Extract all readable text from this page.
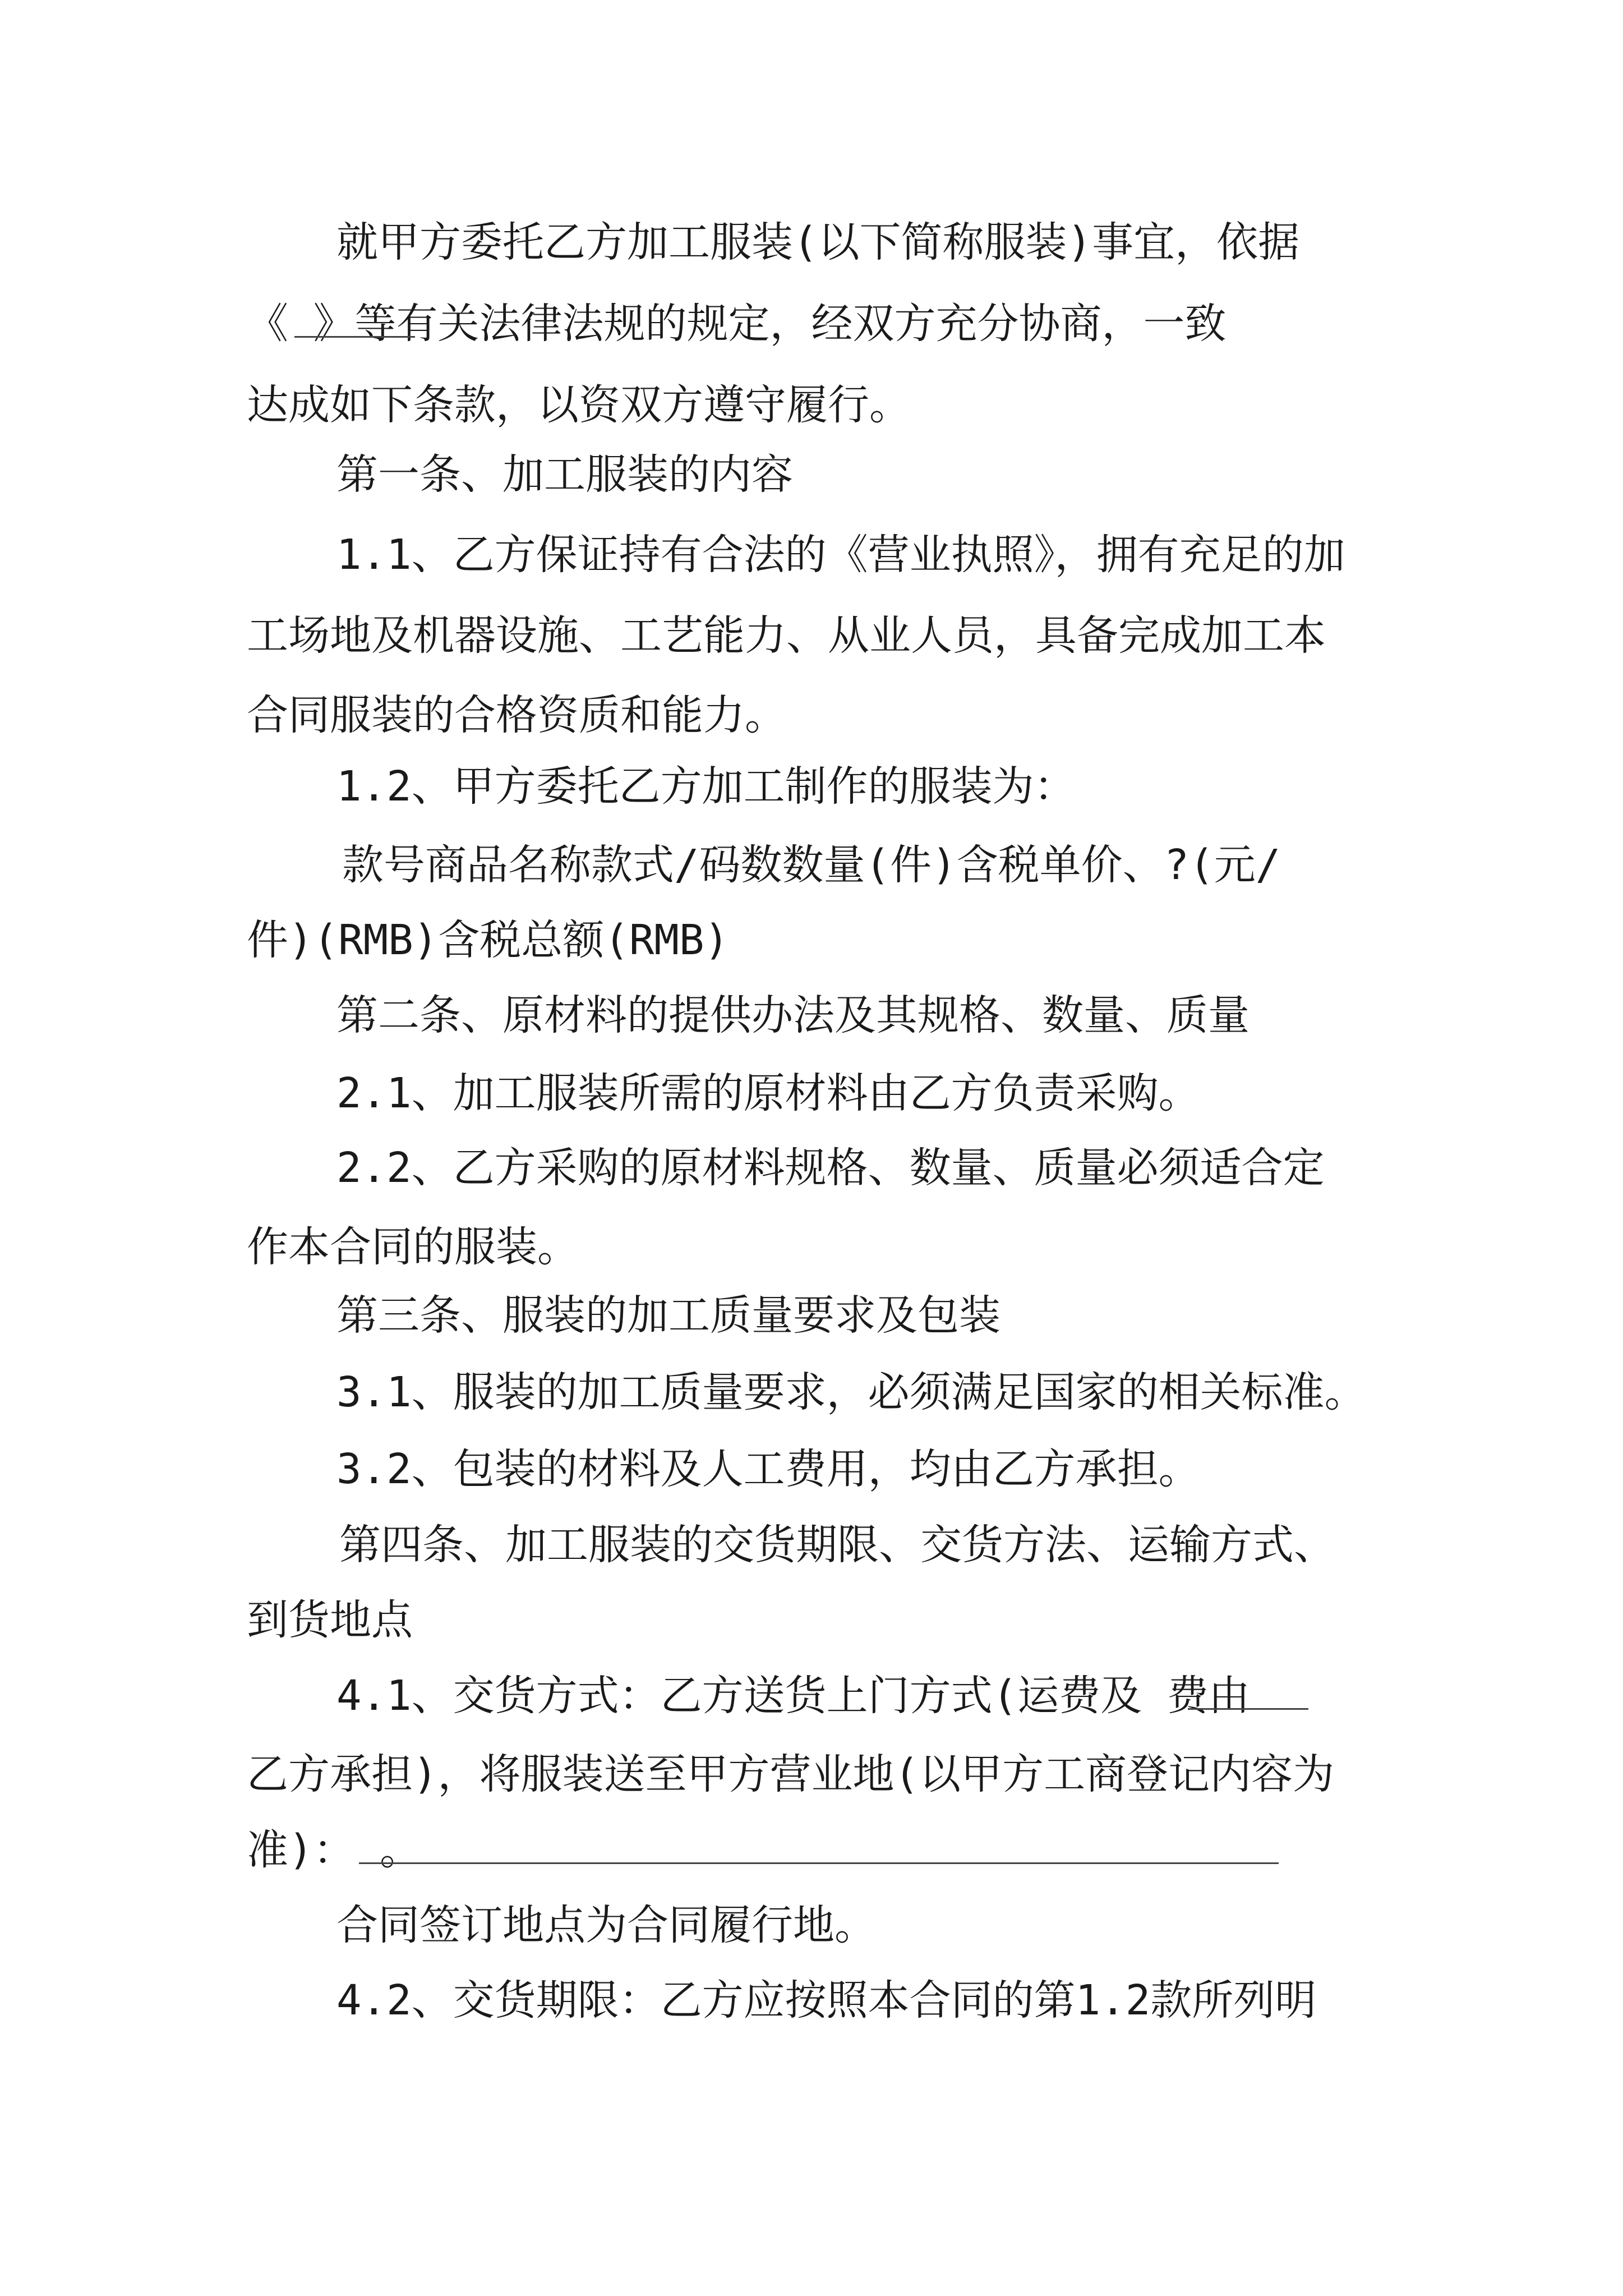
就甲方委托乙方加工服装(以下简称服装)事宜，依据

《 》等有关法律法规的规定，经双方充分协商，一致

达成如下条款，以资双方遵守履行。

第一条、加工服装的内容

1.1、乙方保证持有合法的《营业执照》，拥有充足的加

工场地及机器设施、工艺能力、从业人员，具备完成加工本

合同服装的合格资质和能力。

1.2、甲方委托乙方加工制作的服装为：

款号商品名称款式/码数数量(件)含税单价、?(元/

件)(RMB)含税总额(RMB)

第二条、原材料的提供办法及其规格、数量、质量

2.1、加工服装所需的原材料由乙方负责采购。

2.2、乙方采购的原材料规格、数量、质量必须适合定

作本合同的服装。

第三条、服装的加工质量要求及包装

3.1、服装的加工质量要求，必须满足国家的相关标准。

3.2、包装的材料及人工费用，均由乙方承担。

第四条、加工服装的交货期限、交货方法、运输方式、

到货地点

4.1、交货方式：乙方送货上门方式(运费及 费由

乙方承担)，将服装送至甲方营业地(以甲方工商登记内容为

准)： 。

合同签订地点为合同履行地。

4.2、交货期限：乙方应按照本合同的第1.2款所列明
